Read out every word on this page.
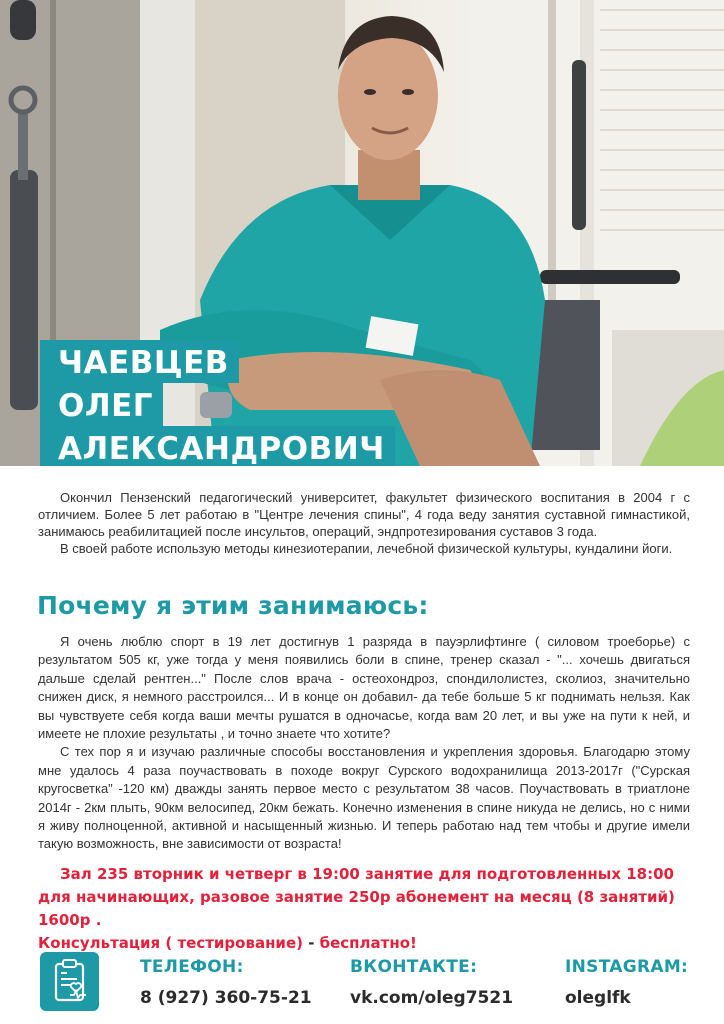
ЧАЕВЦЕВ
ОЛЕГ
АЛЕКСАНДРОВИЧ

Окончил Пензенский педагогический университет, факультет физического воспитания в 2004 г с отличием. Более 5 лет работаю в "Центре лечения спины", 4 года веду занятия суставной гимнастикой, занимаюсь реабилитацией после инсультов, операций, эндпротезирования суставов 3 года.

В своей работе использую методы кинезиотерапии, лечебной физической культуры, кундалини йоги.

Почему я этим занимаюсь:

Я очень люблю спорт в 19 лет достигнув 1 разряда в пауэрлифтинге ( силовом троеборье) с результатом 505 кг, уже тогда у меня появились боли в спине, тренер сказал - "... хочешь двигаться дальше сделай рентген..." После слов врача - остеохондроз, спондилолистез, сколиоз, значительно снижен диск, я немного расстроился... И в конце он добавил- да тебе больше 5 кг поднимать нельзя. Как вы чувствуете себя когда ваши мечты рушатся в одночасье, когда вам 20 лет, и вы уже на пути к ней, и имеете не плохие результаты , и точно знаете что хотите?

С тех пор я и изучаю различные способы восстановления и укрепления здоровья. Благодарю этому мне удалось 4 раза поучаствовать в походе вокруг Сурского водохранилища 2013-2017г ("Сурская кругосветка" -120 км) дважды занять первое место с результатом 38 часов. Поучаствовать в триатлоне 2014г - 2км плыть, 90км велосипед, 20км бежать. Конечно изменения в спине никуда не делись, но с ними я живу полноценной, активной и насыщенный жизнью. И теперь работаю над тем чтобы и другие имели такую возможность, вне зависимости от возраста!

Зал 235 вторник и четверг в 19:00 занятие для подготовленных 18:00 для начинающих, разовое занятие 250р абонемент на месяц (8 занятий) 1600р .

Консультация ( тестирование) - бесплатно!
ТЕЛЕФОН:
8 (927) 360-75-21
ВКОНТАКТЕ:
vk.com/oleg7521
INSTAGRAM:
oleglfk
